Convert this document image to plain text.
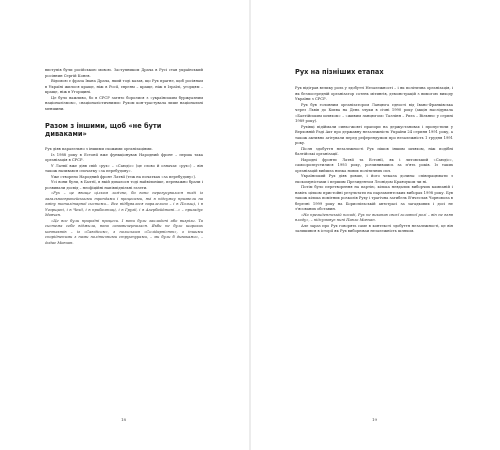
виступів були російською мовою. Заступником Драча в Русі став український росіянин Сергій Конєв.

Відомою є фраза Івана Драча, який тоді казав, що Рух прагне, щоб росіянам в Україні жилося краще, ніж в Росії, євреям – краще, ніж в Ізраїлі, угорцям – краще, ніж в Угорщині.

Це було важливо, бо в СРСР затято боролися з «українським буржуазним націоналізмом», «націоналістичними» Рухом кон-трастувала лише національні меншини.

Разом з іншими, щоб «не бути диваками»

Рух діяв паралельно з іншими схожими організаціями.

Із 1988 року в Естонії вже функціонував Народний фронт – перша така організація в СРСР.

У Латвії вже діяв свій «рух» – «Саюдіс» (це слово й означає «рух») – він також називався спочатку «за перебудову».

Уже створено Народний фронт Латвії (теж на початках «за перебудову»).

Усі вони були, в Балтії, в якій дихалося тоді найвільніше, переважно брали і розвивали досвід – неофіційні напівпідпільні газети.

«Рух – це явище цілком логічне, бо воно перегукувалося тоді із загальноєвропейськими трендами і процесами, які в підсумку призвели на зміну тоталітарної системи... Все відбувалося паралельно – і в Польщі, і в Угорщині, і в Чехії, і в прибалтиці, і в Грузії, і в Азербайджані...» – пригадує Мовчан.

«Це все були природні процеси. І вони були закладені або визріли. Та система себе віджила, вона самовичерпалася. Якби не було широких контактів – із «Саюдісом», з польським «Солідарністю», з іншими спорідненими з нами політичними структурами, – ми були б диваками», – додає Мовчан.

18
Рух на пізніших етапах

Рух відіграв велику роль у здобутті Незалежності – і як політична організація, і як безпосередній організатор сотень мітингів, демонстрацій з вимогою виходу України з СРСР.

Рух був головним організатором Ланцюга єдності від Івано-Франківська через Львів до Києва на День злуки в січні 1990 року (акція наслідувала «Балтійським шляхом» – «живим ланцюгом» Таллінн – Рига – Вільнюс у серпні 1989 року).

Рухівці підіймали синьо-жовті прапори на держустановах і пропустили у Верховній Раді Акт про державну незалежність України 24 серпня 1991 року, а також активно агітували перед референдумом про незалежність 1 грудня 1991 року.

Після здобуття незалежності Рух пішов іншим шляхом, ніж подібні балтійські організації.

Народні фронти Латвії та Естонії, як і литовський «Саюдіс», самоорозпустилися 1993 року, розчинившись за п'ять років. Із таких організацій вийшла низка нових політичних сил.

Український Рух діяв довше, і його чекала долина: співпрацювати з екскомуністами і першим Президентом Леонідом Кравчуком чи ні.

Потім було перетворення на партію, кілька невдалих виборчих кампаній і навіть цілком пристойні результати на парламентських виборах 1998 року. Був також кілька помітних розколів Руху і трагічна загибель В'ячеслав Чорновола в березні 1999 року на Бориспільській автотрасі за загадкових і досі не з'ясованих обставин.

«На президентській посаді, Рух не виконав своєї головної ролі – він не взяв владу», – підсумовує нині Павло Мовчан.

Але зараз про Рух говорять саме в контексті здобуття незалежності, це він залишився в історії як Рух виборюваи незалежність шляхом.

19
